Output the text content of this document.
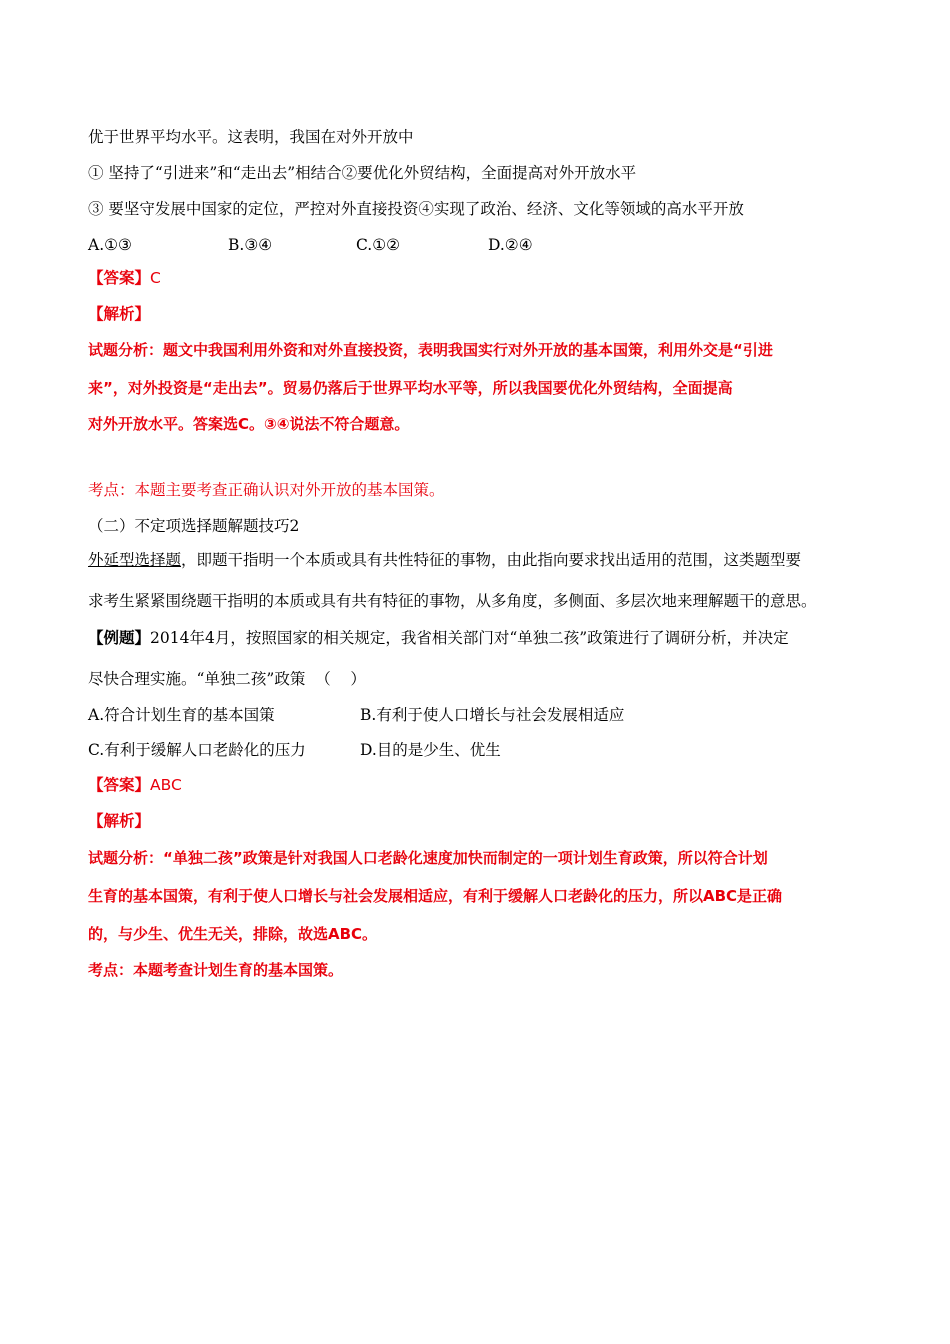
优于世界平均水平。这表明，我国在对外开放中
① 坚持了“引进来”和“走出去”相结合②要优化外贸结构，全面提高对外开放水平
③ 要坚守发展中国家的定位，严控对外直接投资④实现了政治、经济、文化等领域的高水平开放
A.①③	B.③④	C.①②	D.②④
【答案】C
【解析】
试题分析：题文中我国利用外资和对外直接投资，表明我国实行对外开放的基本国策，利用外交是“引进
来”，对外投资是“走出去”。贸易仍落后于世界平均水平等，所以我国要优化外贸结构，全面提高
对外开放水平。答案选C。③④说法不符合题意。
考点：本题主要考查正确认识对外开放的基本国策。
（二）不定项选择题解题技巧2
外延型选择题，即题干指明一个本质或具有共性特征的事物，由此指向要求找出适用的范围，这类题型要
求考生紧紧围绕题干指明的本质或具有共有特征的事物，从多角度，多侧面、多层次地来理解题干的意思。
【例题】2014年4月，按照国家的相关规定，我省相关部门对“单独二孩”政策进行了调研分析，并决定
尽快合理实施。“单独二孩”政策  （    ）
A.符合计划生育的基本国策	B.有利于使人口增长与社会发展相适应
C.有利于缓解人口老龄化的压力	D.目的是少生、优生
【答案】ABC
【解析】
试题分析：“单独二孩”政策是针对我国人口老龄化速度加快而制定的一项计划生育政策，所以符合计划
生育的基本国策，有利于使人口增长与社会发展相适应，有利于缓解人口老龄化的压力，所以ABC是正确
的，与少生、优生无关，排除，故选ABC。
考点：本题考查计划生育的基本国策。
